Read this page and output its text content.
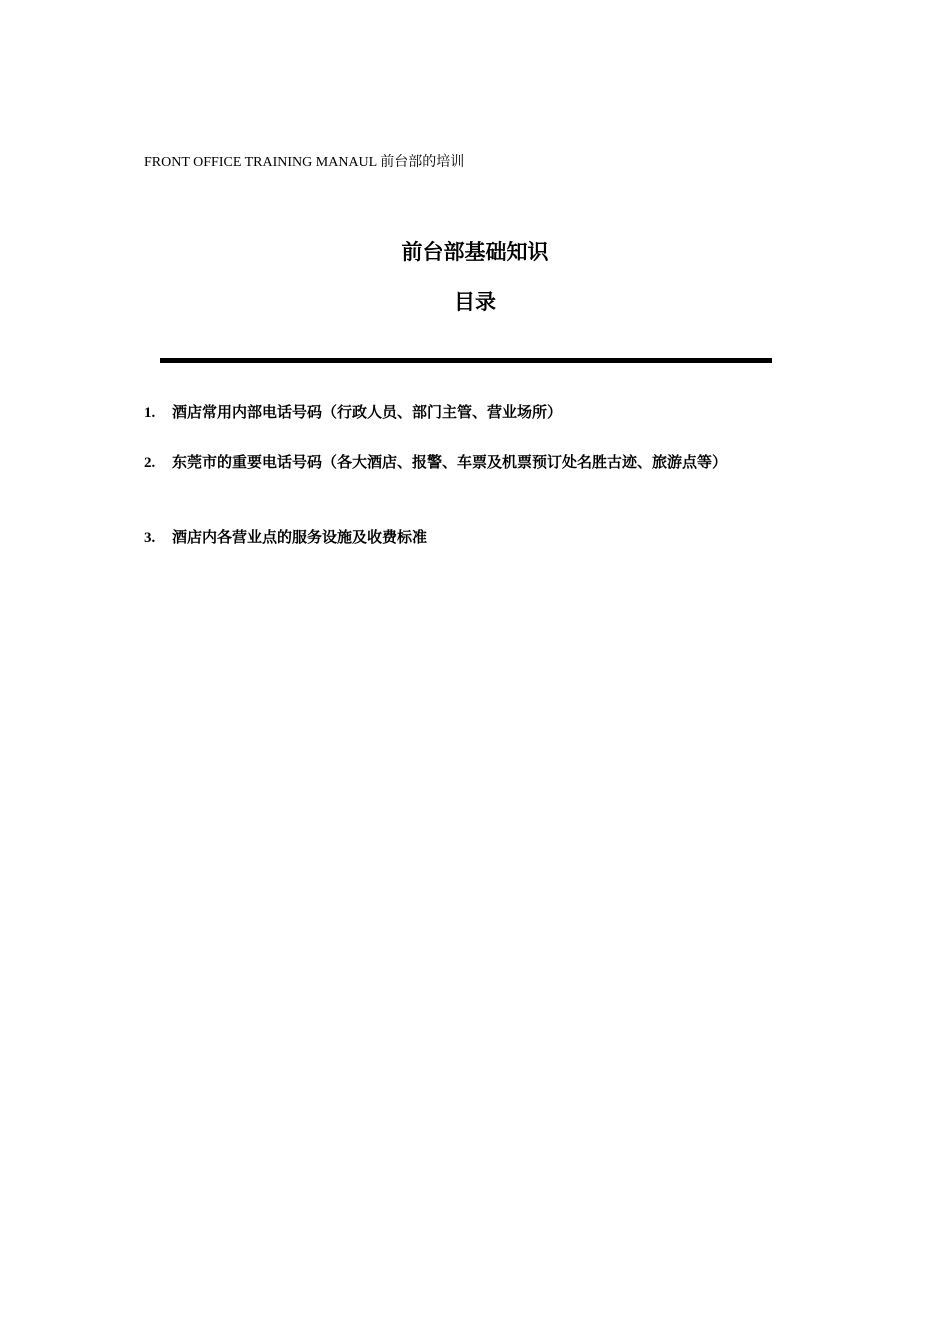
FRONT OFFICE TRAINING MANAUL 前台部的培训
前台部基础知识
目录
1. 酒店常用内部电话号码（行政人员、部门主管、营业场所）
2. 东莞市的重要电话号码（各大酒店、报警、车票及机票预订处名胜古迹、旅游点等）
3. 酒店内各营业点的服务设施及收费标准
